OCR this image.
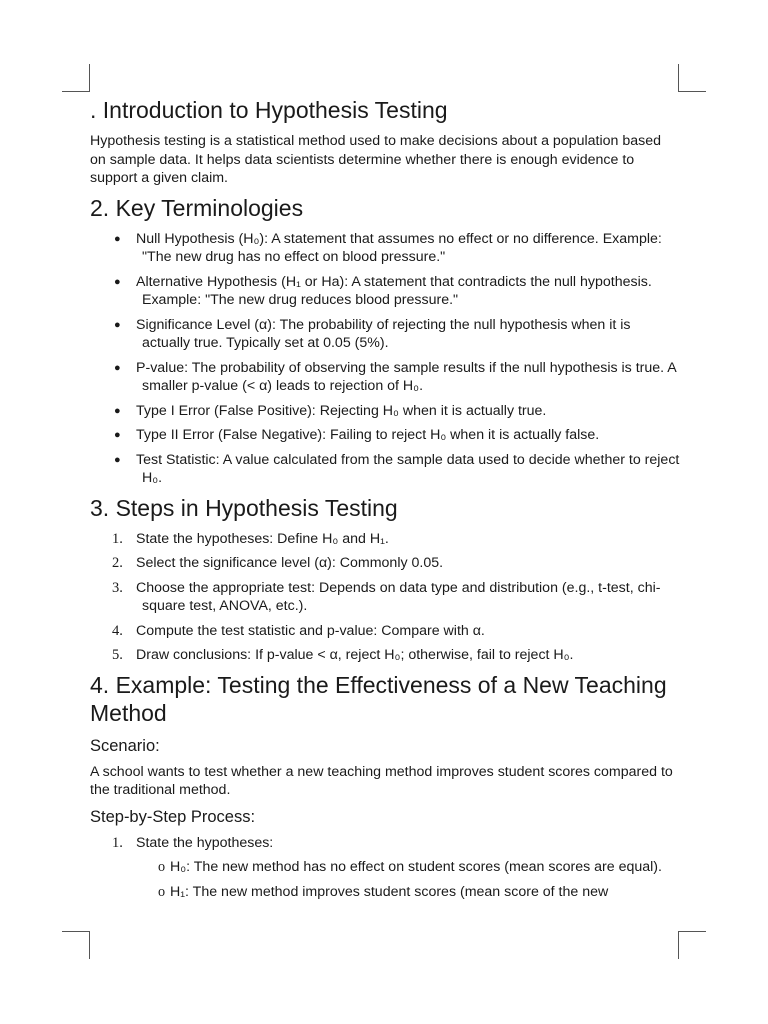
. Introduction to Hypothesis Testing

Hypothesis testing is a statistical method used to make decisions about a population based on sample data. It helps data scientists determine whether there is enough evidence to support a given claim.

2. Key Terminologies
● Null Hypothesis (H₀): A statement that assumes no effect or no difference. Example: "The new drug has no effect on blood pressure."
● Alternative Hypothesis (H₁ or Ha): A statement that contradicts the null hypothesis. Example: "The new drug reduces blood pressure."
● Significance Level (α): The probability of rejecting the null hypothesis when it is actually true. Typically set at 0.05 (5%).
● P-value: The probability of observing the sample results if the null hypothesis is true. A smaller p-value (< α) leads to rejection of H₀.
● Type I Error (False Positive): Rejecting H₀ when it is actually true.
● Type II Error (False Negative): Failing to reject H₀ when it is actually false.
● Test Statistic: A value calculated from the sample data used to decide whether to reject H₀.
3. Steps in Hypothesis Testing
1. State the hypotheses: Define H₀ and H₁.
2. Select the significance level (α): Commonly 0.05.
3. Choose the appropriate test: Depends on data type and distribution (e.g., t-test, chi-square test, ANOVA, etc.).
4. Compute the test statistic and p-value: Compare with α.
5. Draw conclusions: If p-value < α, reject H₀; otherwise, fail to reject H₀.
4. Example: Testing the Effectiveness of a New Teaching Method
Scenario:

A school wants to test whether a new teaching method improves student scores compared to the traditional method.

Step-by-Step Process:
1. State the hypotheses:
o H₀: The new method has no effect on student scores (mean scores are equal).
o H₁: The new method improves student scores (mean score of the new
